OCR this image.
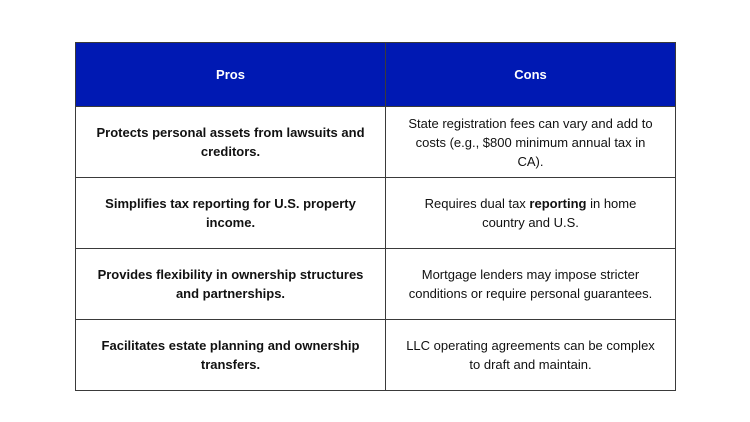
Pros	Cons
Protects personal assets from lawsuits and creditors.	State registration fees can vary and add to costs (e.g., $800 minimum annual tax in CA).
Simplifies tax reporting for U.S. property income.	Requires dual tax reporting in home country and U.S.
Provides flexibility in ownership structures and partnerships.	Mortgage lenders may impose stricter conditions or require personal guarantees.
Facilitates estate planning and ownership transfers.	LLC operating agreements can be complex to draft and maintain.
